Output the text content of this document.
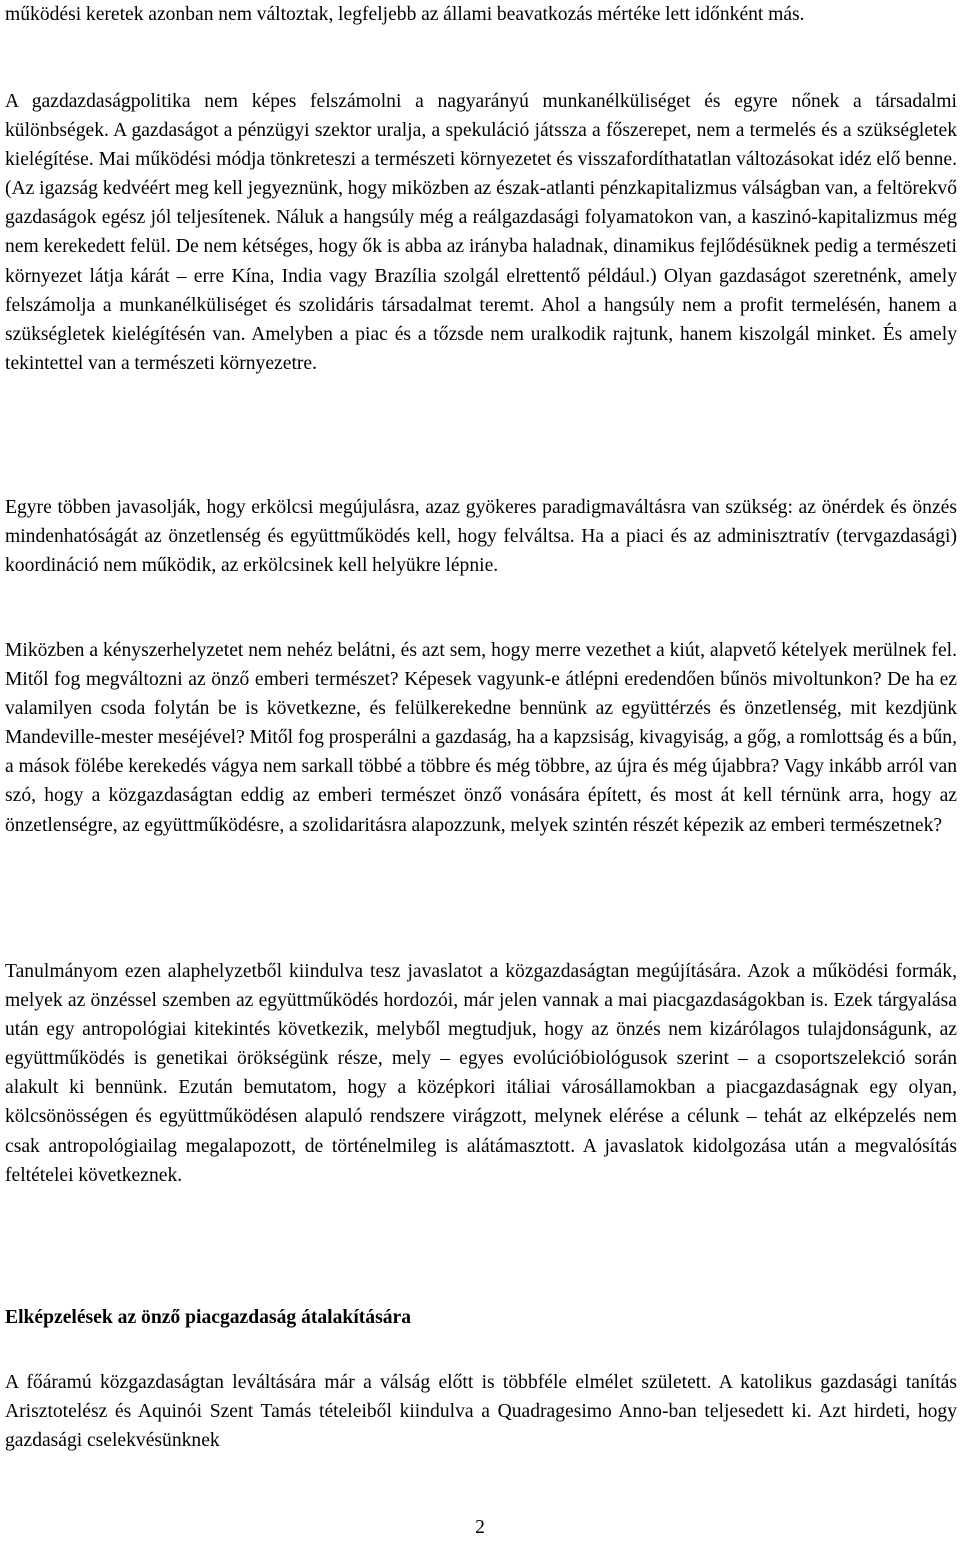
működési keretek azonban nem változtak, legfeljebb az állami beavatkozás mértéke lett időnként más.

A gazdazdaságpolitika nem képes felszámolni a nagyarányú munkanélküliséget és egyre nőnek a társadalmi különbségek. A gazdaságot a pénzügyi szektor uralja, a spekuláció játssza a főszerepet, nem a termelés és a szükségletek kielégítése. Mai működési módja tönkreteszi a természeti környezetet és visszafordíthatatlan változásokat idéz elő benne. (Az igazság kedvéért meg kell jegyeznünk, hogy miközben az észak-atlanti pénzkapitalizmus válságban van, a feltörekvő gazdaságok egész jól teljesítenek. Náluk a hangsúly még a reálgazdasági folyamatokon van, a kaszinó-kapitalizmus még nem kerekedett felül. De nem kétséges, hogy ők is abba az irányba haladnak, dinamikus fejlődésüknek pedig a természeti környezet látja kárát – erre Kína, India vagy Brazília szolgál elrettentő például.) Olyan gazdaságot szeretnénk, amely felszámolja a munkanélküliséget és szolidáris társadalmat teremt. Ahol a hangsúly nem a profit termelésén, hanem a szükségletek kielégítésén van. Amelyben a piac és a tőzsde nem uralkodik rajtunk, hanem kiszolgál minket. És amely tekintettel van a természeti környezetre.

Egyre többen javasolják, hogy erkölcsi megújulásra, azaz gyökeres paradigmaváltásra van szükség: az önérdek és önzés mindenhatóságát az önzetlenség és együttműködés kell, hogy felváltsa. Ha a piaci és az adminisztratív (tervgazdasági) koordináció nem működik, az erkölcsinek kell helyükre lépnie.

Miközben a kényszerhelyzetet nem nehéz belátni, és azt sem, hogy merre vezethet a kiút, alapvető kételyek merülnek fel. Mitől fog megváltozni az önző emberi természet? Képesek vagyunk-e átlépni eredendően bűnös mivoltunkon? De ha ez valamilyen csoda folytán be is következne, és felülkerekedne bennünk az együttérzés és önzetlenség, mit kezdjünk Mandeville-mester meséjével? Mitől fog prosperálni a gazdaság, ha a kapzsiság, kivagyiság, a gőg, a romlottság és a bűn, a mások fölébe kerekedés vágya nem sarkall többé a többre és még többre, az újra és még újabbra? Vagy inkább arról van szó, hogy a közgazdaságtan eddig az emberi természet önző vonására épített, és most át kell térnünk arra, hogy az önzetlenségre, az együttműködésre, a szolidaritásra alapozzunk, melyek szintén részét képezik az emberi természetnek?

Tanulmányom ezen alaphelyzetből kiindulva tesz javaslatot a közgazdaságtan megújítására. Azok a működési formák, melyek az önzéssel szemben az együttműködés hordozói, már jelen vannak a mai piacgazdaságokban is. Ezek tárgyalása után egy antropológiai kitekintés következik, melyből megtudjuk, hogy az önzés nem kizárólagos tulajdonságunk, az együttműködés is genetikai örökségünk része, mely – egyes evolúcióbiológusok szerint – a csoportszelekció során alakult ki bennünk. Ezután bemutatom, hogy a középkori itáliai városállamokban a piacgazdaságnak egy olyan, kölcsönösségen és együttműködésen alapuló rendszere virágzott, melynek elérése a célunk – tehát az elképzelés nem csak antropológiailag megalapozott, de történelmileg is alátámasztott. A javaslatok kidolgozása után a megvalósítás feltételei következnek.

Elképzelések az önző piacgazdaság átalakítására

A főáramú közgazdaságtan leváltására már a válság előtt is többféle elmélet született. A katolikus gazdasági tanítás Arisztotelész és Aquinói Szent Tamás tételeiből kiindulva a Quadragesimo Anno-ban teljesedett ki. Azt hirdeti, hogy gazdasági cselekvésünknek

2
